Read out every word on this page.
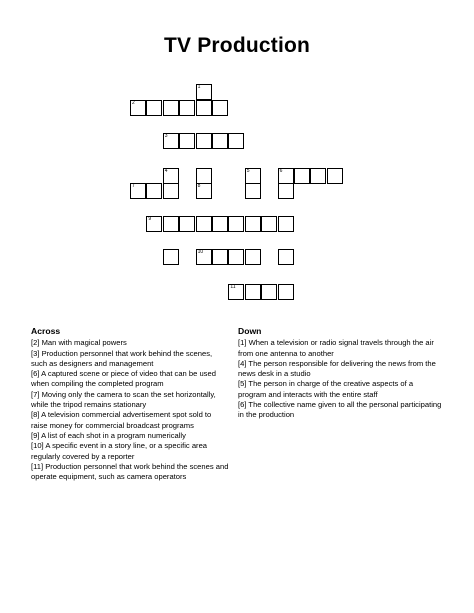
TV Production
1
2
3
4	5	6
7	8
9
10
11
Across

[2] Man with magical powers

[3] Production personnel that work behind the scenes, such as designers and management

[6] A captured scene or piece of video that can be used when compiling the completed program

[7] Moving only the camera to scan the set horizontally, while the tripod remains stationary

[8] A television commercial advertisement spot sold to raise money for commercial broadcast programs

[9] A list of each shot in a program numerically

[10] A specific event in a story line, or a specific area regularly covered by a reporter

[11] Production personnel that work behind the scenes and operate equipment, such as camera operators

Down

[1] When a television or radio signal travels through the air from one antenna to another

[4] The person responsible for delivering the news from the news desk in a studio

[5] The person in charge of the creative aspects of a program and interacts with the entire staff

[6] The collective name given to all the personal participating in the production
